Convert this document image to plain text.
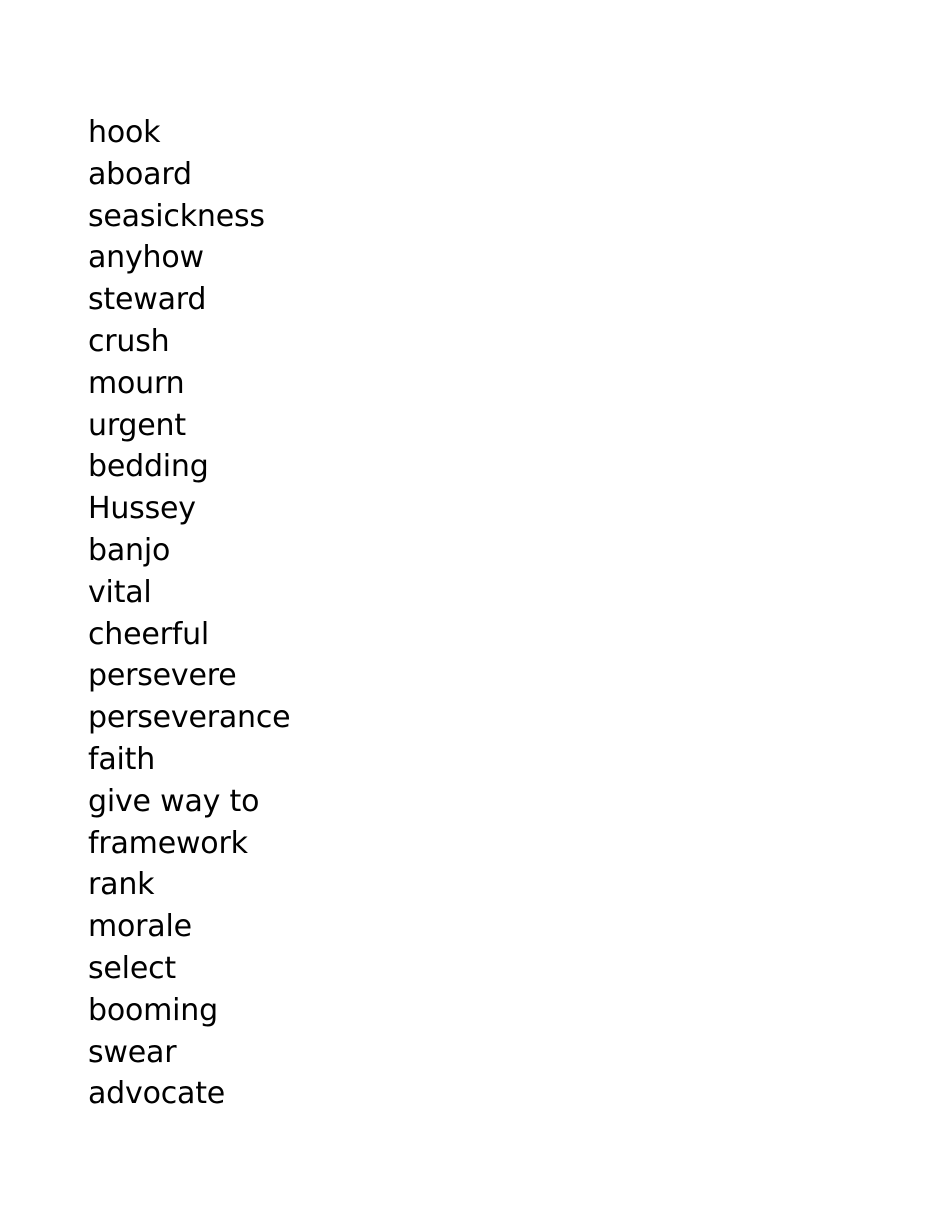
hook
aboard
seasickness
anyhow
steward
crush
mourn
urgent
bedding
Hussey
banjo
vital
cheerful
persevere
perseverance
faith
give way to
framework
rank
morale
select
booming
swear
advocate
